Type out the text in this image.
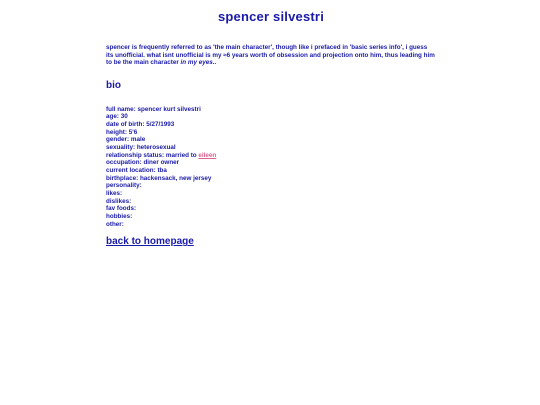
spencer silvestri

spencer is frequently referred to as 'the main character', though like i prefaced in 'basic series info', i guess its unofficial. what isnt unofficial is my ≈6 years worth of obsession and projection onto him, thus leading him to be the main character in my eyes..

bio
full name: spencer kurt silvestri
age: 30
date of birth: 5/27/1993
height: 5'6
gender: male
sexuality: heterosexual
relationship status: married to eileen
occupation: diner owner
current location: tba
birthplace: hackensack, new jersey
personality:
likes:
dislikes:
fav foods:
hobbies:
other:
back to homepage
